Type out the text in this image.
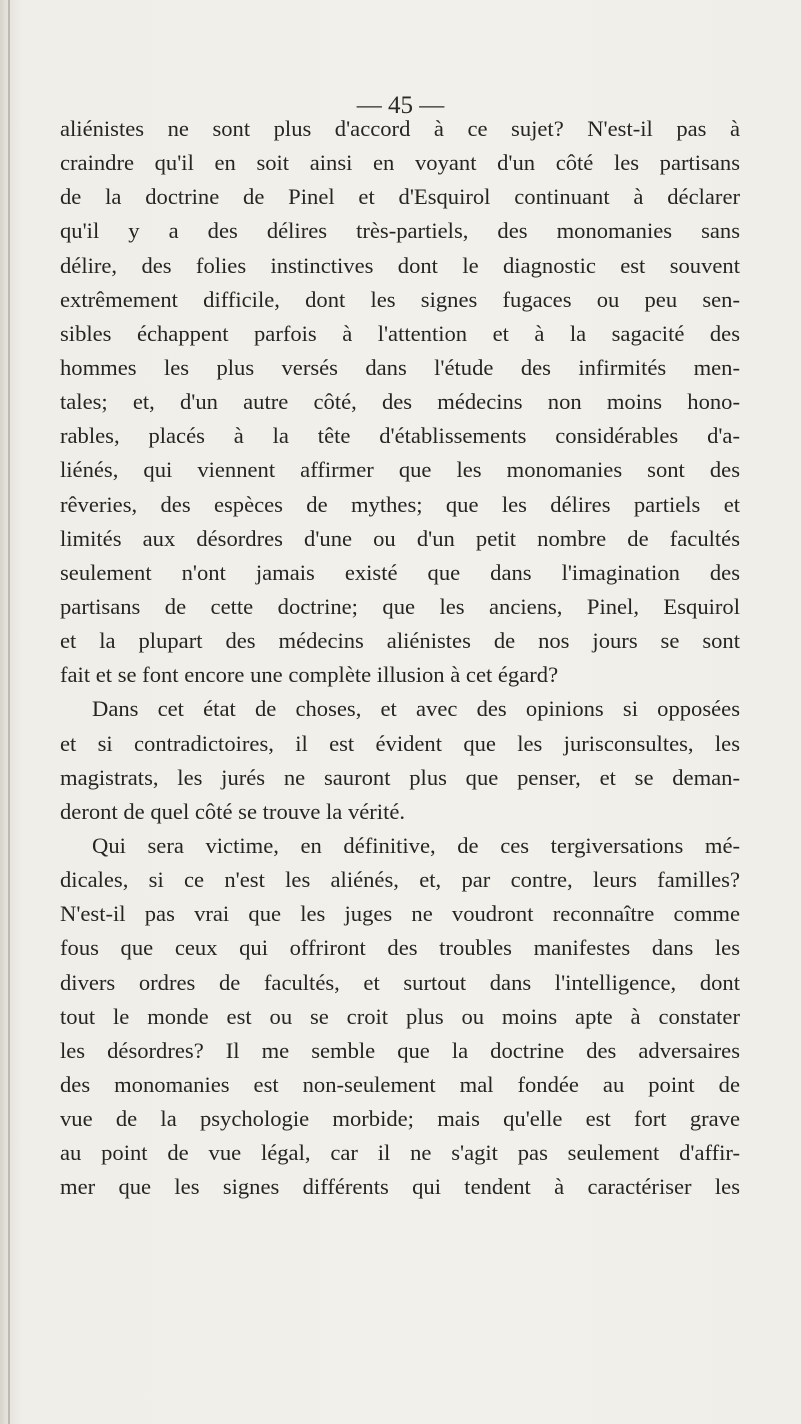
— 45 —
aliénistes ne sont plus d'accord à ce sujet? N'est-il pas à
craindre qu'il en soit ainsi en voyant d'un côté les partisans
de la doctrine de Pinel et d'Esquirol continuant à déclarer
qu'il y a des délires très-partiels, des monomanies sans
délire, des folies instinctives dont le diagnostic est souvent
extrêmement difficile, dont les signes fugaces ou peu sen-
sibles échappent parfois à l'attention et à la sagacité des
hommes les plus versés dans l'étude des infirmités men-
tales; et, d'un autre côté, des médecins non moins hono-
rables, placés à la tête d'établissements considérables d'a-
liénés, qui viennent affirmer que les monomanies sont des
rêveries, des espèces de mythes; que les délires partiels et
limités aux désordres d'une ou d'un petit nombre de facultés
seulement n'ont jamais existé que dans l'imagination des
partisans de cette doctrine; que les anciens, Pinel, Esquirol
et la plupart des médecins aliénistes de nos jours se sont
fait et se font encore une complète illusion à cet égard?
Dans cet état de choses, et avec des opinions si opposées
et si contradictoires, il est évident que les jurisconsultes, les
magistrats, les jurés ne sauront plus que penser, et se deman-
deront de quel côté se trouve la vérité.
Qui sera victime, en définitive, de ces tergiversations mé-
dicales, si ce n'est les aliénés, et, par contre, leurs familles?
N'est-il pas vrai que les juges ne voudront reconnaître comme
fous que ceux qui offriront des troubles manifestes dans les
divers ordres de facultés, et surtout dans l'intelligence, dont
tout le monde est ou se croit plus ou moins apte à constater
les désordres? Il me semble que la doctrine des adversaires
des monomanies est non-seulement mal fondée au point de
vue de la psychologie morbide; mais qu'elle est fort grave
au point de vue légal, car il ne s'agit pas seulement d'affir-
mer que les signes différents qui tendent à caractériser les
